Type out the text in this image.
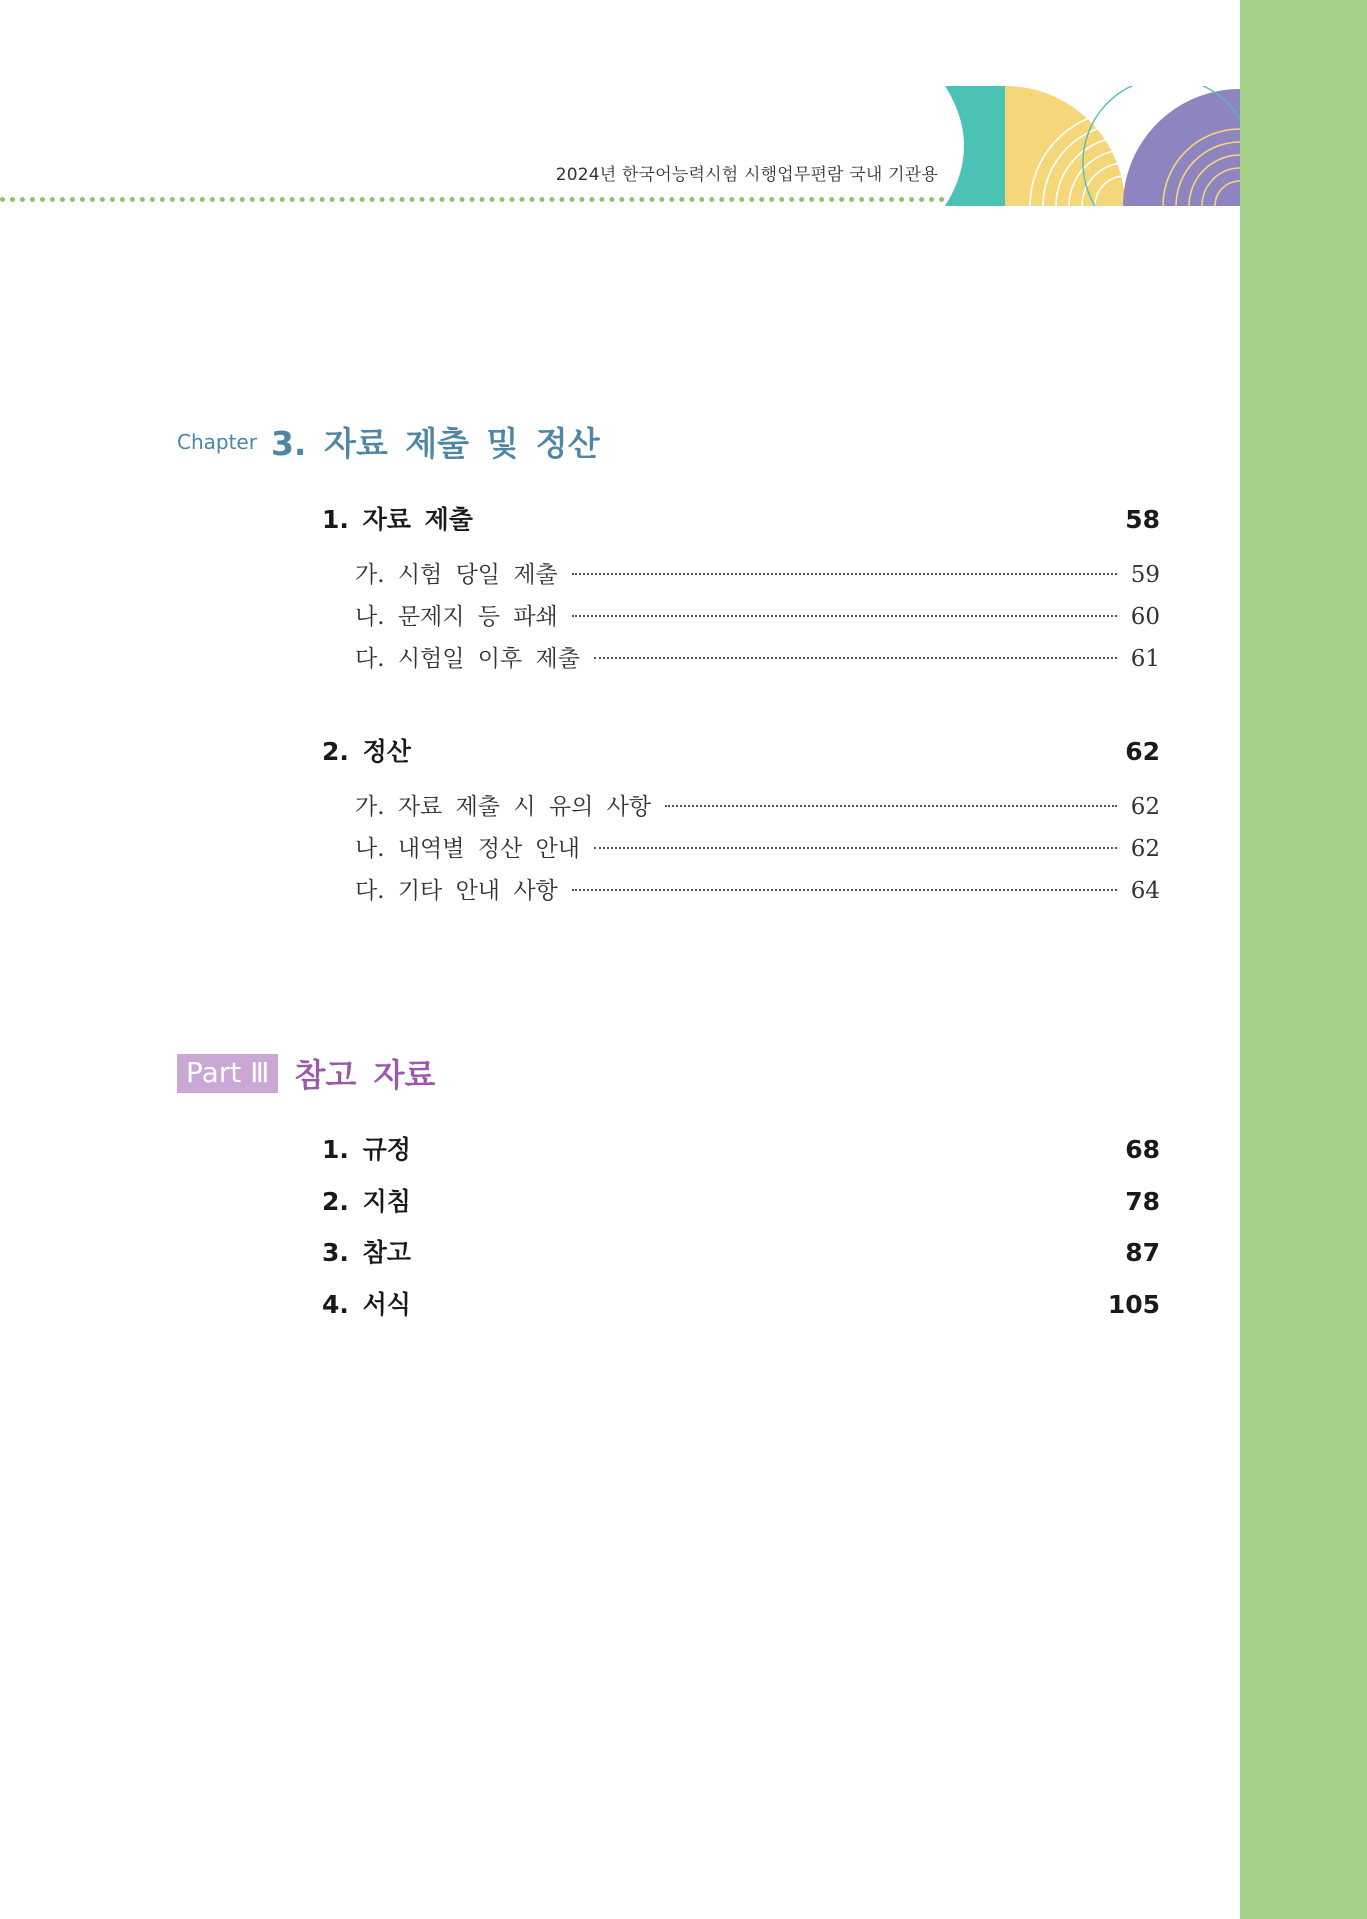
2024년 한국어능력시험 시행업무편람 국내 기관용
Chapter 3. 자료 제출 및 정산
1. 자료 제출	58
가. 시험 당일 제출	59
나. 문제지 등 파쇄	60
다. 시험일 이후 제출	61
2. 정산	62
가. 자료 제출 시 유의 사항	62
나. 내역별 정산 안내	62
다. 기타 안내 사항	64
Part Ⅲ 참고 자료
1. 규정	68
2. 지침	78
3. 참고	87
4. 서식	105
